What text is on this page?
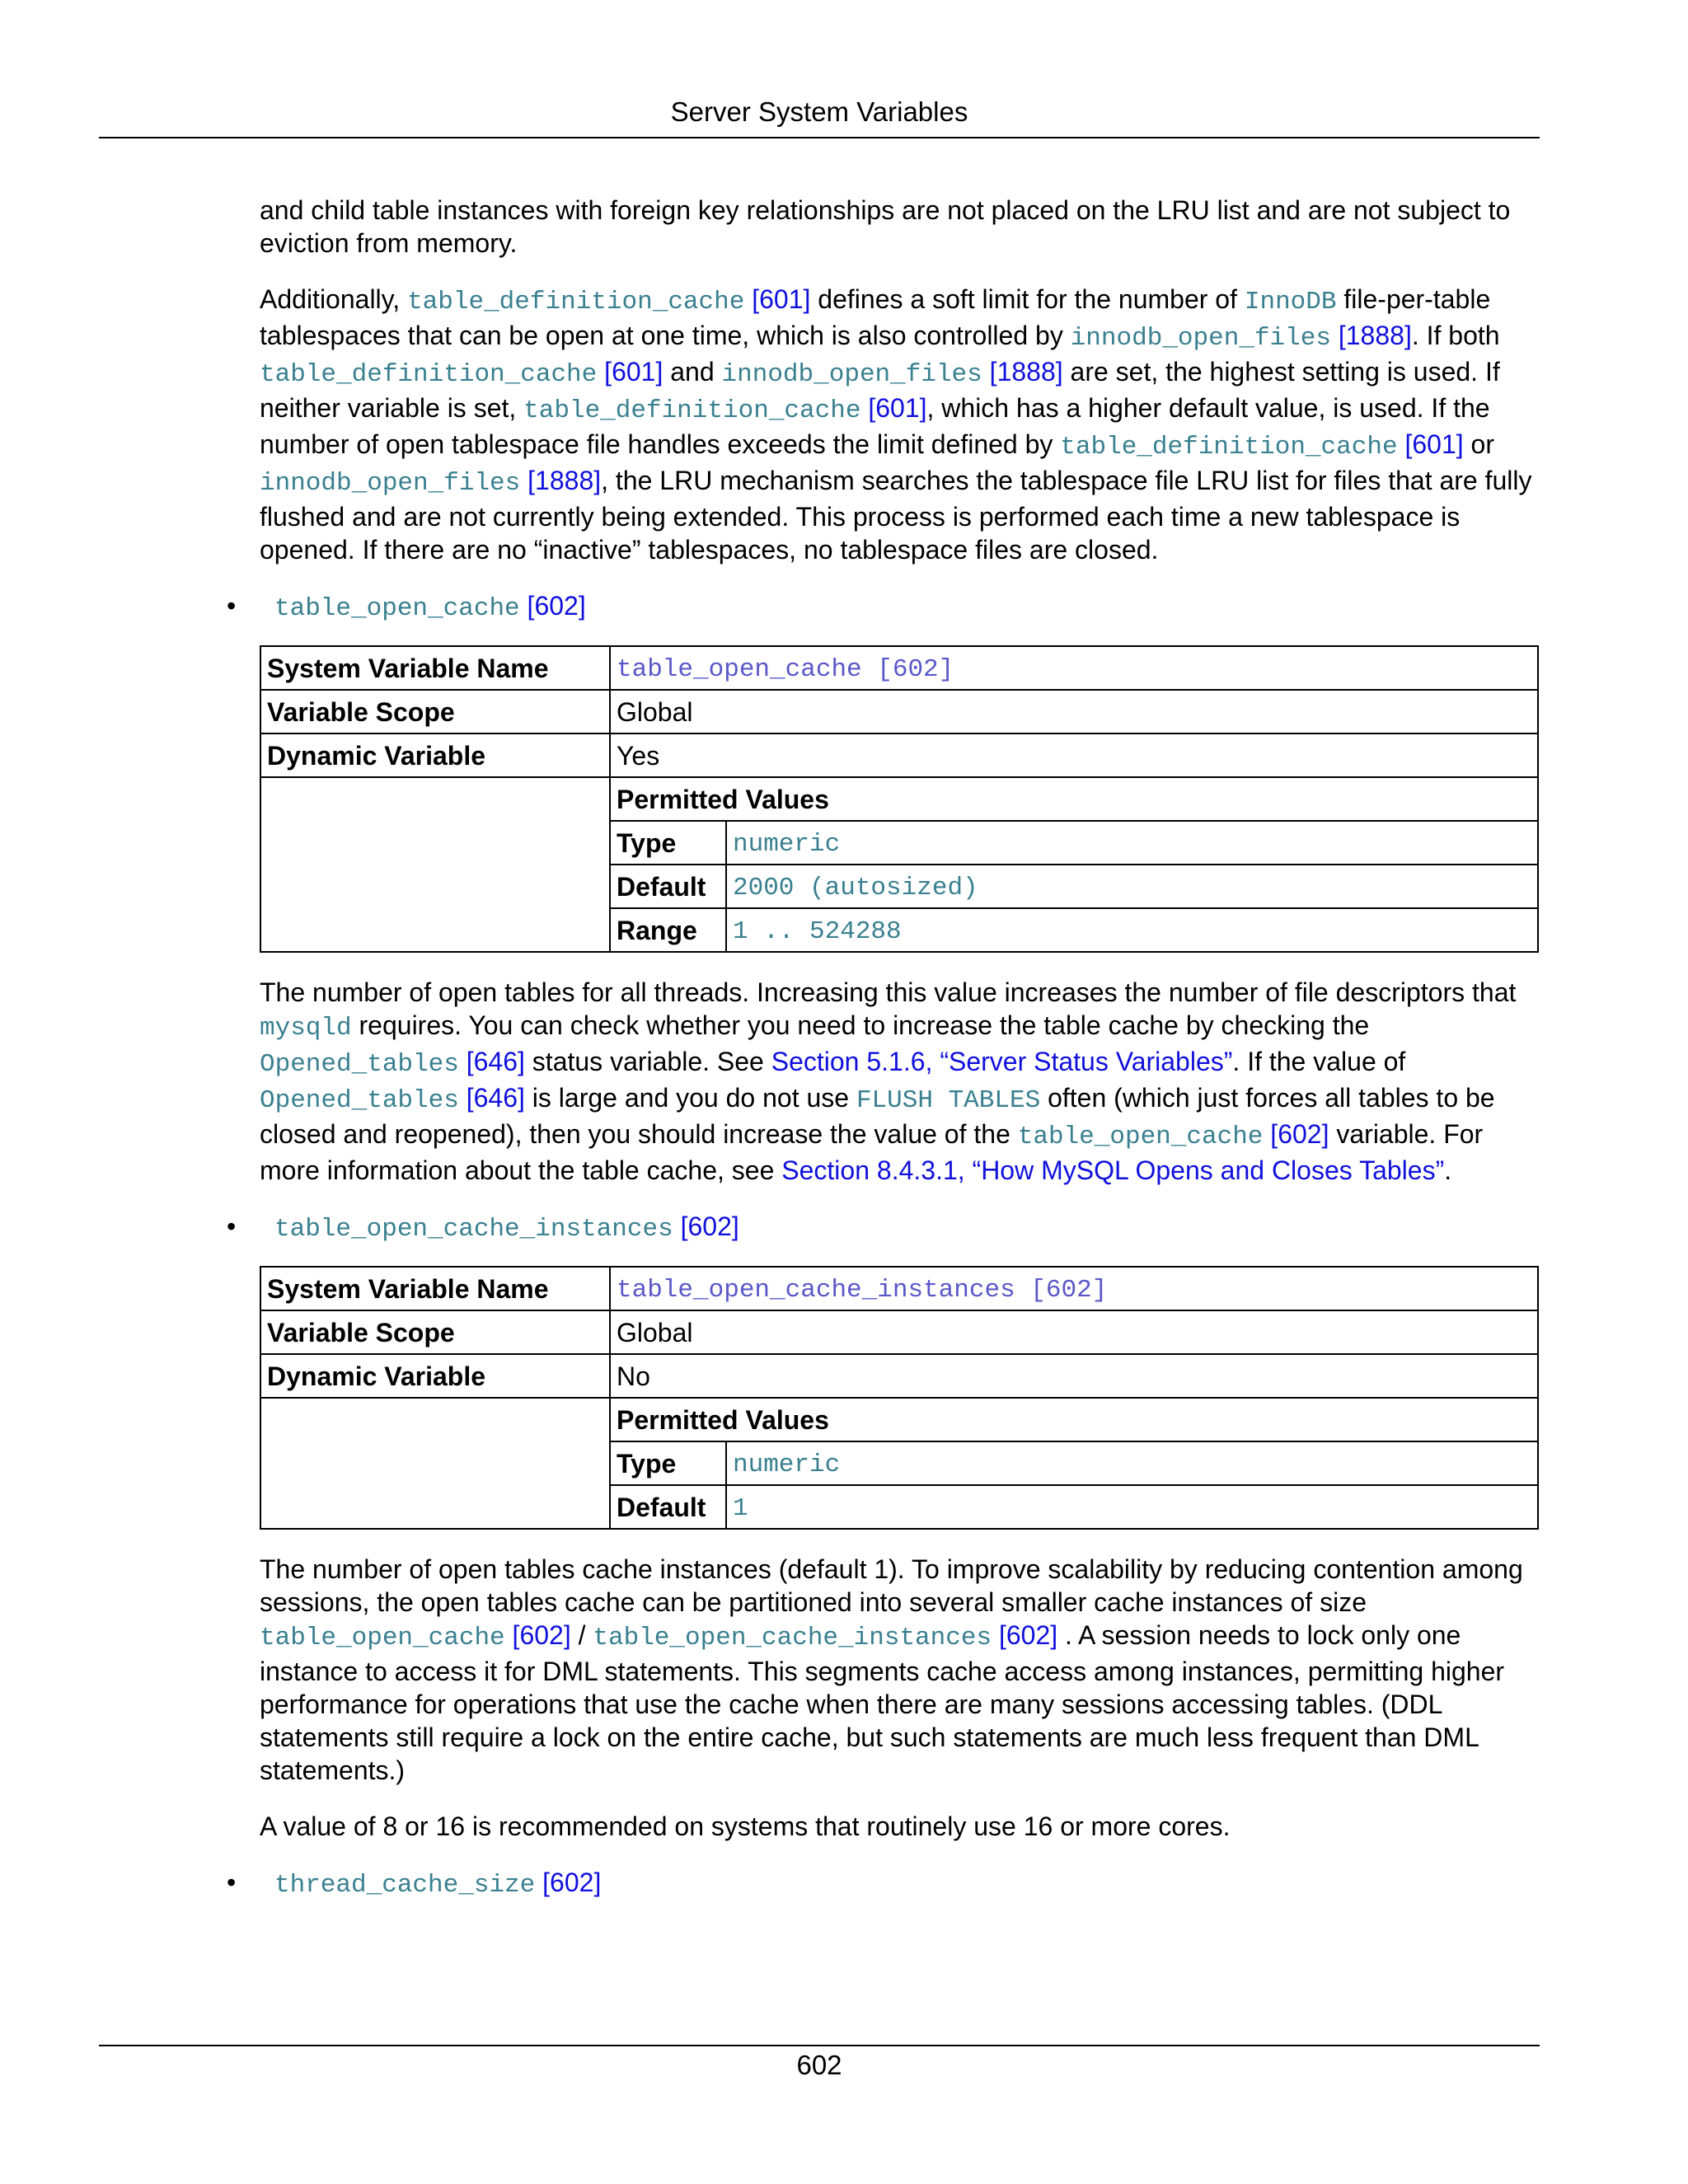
Server System Variables

and child table instances with foreign key relationships are not placed on the LRU list and are not subject to eviction from memory.

Additionally, table_definition_cache [601] defines a soft limit for the number of InnoDB file-per-table tablespaces that can be open at one time, which is also controlled by innodb_open_files [1888]. If both table_definition_cache [601] and innodb_open_files [1888] are set, the highest setting is used. If neither variable is set, table_definition_cache [601], which has a higher default value, is used. If the number of open tablespace file handles exceeds the limit defined by table_definition_cache [601] or innodb_open_files [1888], the LRU mechanism searches the tablespace file LRU list for files that are fully flushed and are not currently being extended. This process is performed each time a new tablespace is opened. If there are no “inactive” tablespaces, no tablespace files are closed.

•	table_open_cache [602]
System Variable Name	table_open_cache [602]	
Variable Scope	Global	
Dynamic Variable	Yes	
	Permitted Values	
	Type	numeric
	Default	2000 (autosized)
	Range	1 .. 524288

The number of open tables for all threads. Increasing this value increases the number of file descriptors that mysqld requires. You can check whether you need to increase the table cache by checking the Opened_tables [646] status variable. See Section 5.1.6, “Server Status Variables”. If the value of Opened_tables [646] is large and you do not use FLUSH TABLES often (which just forces all tables to be closed and reopened), then you should increase the value of the table_open_cache [602] variable. For more information about the table cache, see Section 8.4.3.1, “How MySQL Opens and Closes Tables”.

•	table_open_cache_instances [602]
System Variable Name	table_open_cache_instances [602]	
Variable Scope	Global	
Dynamic Variable	No	
	Permitted Values	
	Type	numeric
	Default	1

The number of open tables cache instances (default 1). To improve scalability by reducing contention among sessions, the open tables cache can be partitioned into several smaller cache instances of size table_open_cache [602] / table_open_cache_instances [602] . A session needs to lock only one instance to access it for DML statements. This segments cache access among instances, permitting higher performance for operations that use the cache when there are many sessions accessing tables. (DDL statements still require a lock on the entire cache, but such statements are much less frequent than DML statements.)

A value of 8 or 16 is recommended on systems that routinely use 16 or more cores.

•	thread_cache_size [602]
602
